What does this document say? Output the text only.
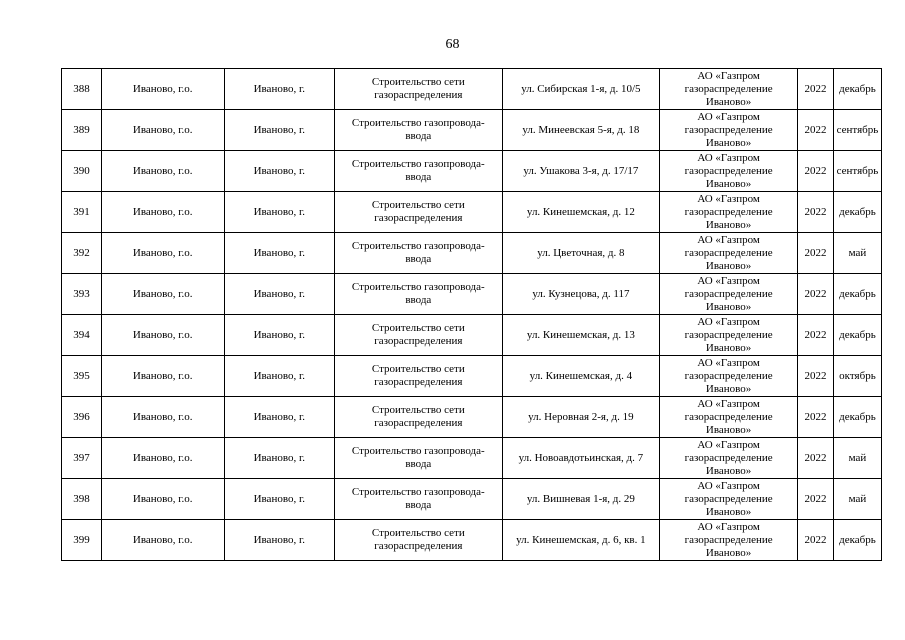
68
388	Иваново, г.о.	Иваново, г.	Строительство сети
газораспределения	ул. Сибирская 1-я, д. 10/5	АО «Газпром
газораспределение
Иваново»	2022	декабрь
389	Иваново, г.о.	Иваново, г.	Строительство газопровода-
ввода	ул. Минеевская 5-я, д. 18	АО «Газпром
газораспределение
Иваново»	2022	сентябрь
390	Иваново, г.о.	Иваново, г.	Строительство газопровода-
ввода	ул. Ушакова 3-я, д. 17/17	АО «Газпром
газораспределение
Иваново»	2022	сентябрь
391	Иваново, г.о.	Иваново, г.	Строительство сети
газораспределения	ул. Кинешемская, д. 12	АО «Газпром
газораспределение
Иваново»	2022	декабрь
392	Иваново, г.о.	Иваново, г.	Строительство газопровода-
ввода	ул. Цветочная, д. 8	АО «Газпром
газораспределение
Иваново»	2022	май
393	Иваново, г.о.	Иваново, г.	Строительство газопровода-
ввода	ул. Кузнецова, д. 117	АО «Газпром
газораспределение
Иваново»	2022	декабрь
394	Иваново, г.о.	Иваново, г.	Строительство сети
газораспределения	ул. Кинешемская, д. 13	АО «Газпром
газораспределение
Иваново»	2022	декабрь
395	Иваново, г.о.	Иваново, г.	Строительство сети
газораспределения	ул. Кинешемская, д. 4	АО «Газпром
газораспределение
Иваново»	2022	октябрь
396	Иваново, г.о.	Иваново, г.	Строительство сети
газораспределения	ул. Неровная 2-я, д. 19	АО «Газпром
газораспределение
Иваново»	2022	декабрь
397	Иваново, г.о.	Иваново, г.	Строительство газопровода-
ввода	ул. Новоавдотьинская, д. 7	АО «Газпром
газораспределение
Иваново»	2022	май
398	Иваново, г.о.	Иваново, г.	Строительство газопровода-
ввода	ул. Вишневая 1-я, д. 29	АО «Газпром
газораспределение
Иваново»	2022	май
399	Иваново, г.о.	Иваново, г.	Строительство сети
газораспределения	ул. Кинешемская, д. 6, кв. 1	АО «Газпром
газораспределение
Иваново»	2022	декабрь
